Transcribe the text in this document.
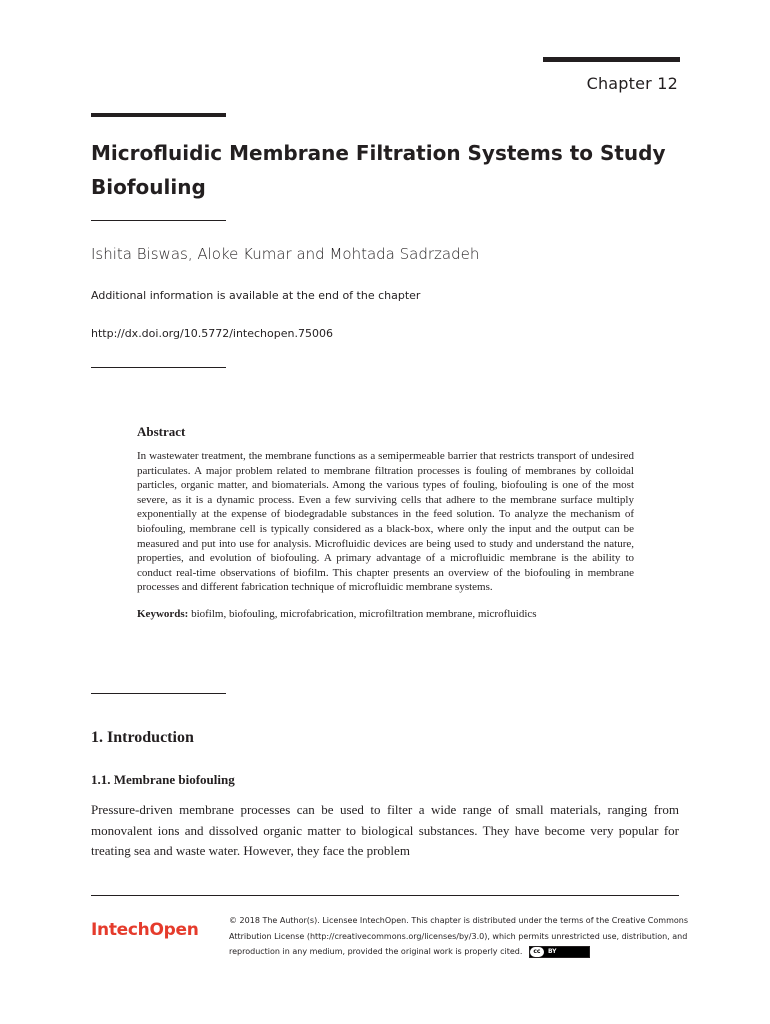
Chapter 12
Microfluidic Membrane Filtration Systems to Study Biofouling
Ishita Biswas, Aloke Kumar and Mohtada Sadrzadeh
Additional information is available at the end of the chapter
http://dx.doi.org/10.5772/intechopen.75006

Abstract

In wastewater treatment, the membrane functions as a semipermeable barrier that restricts transport of undesired particulates. A major problem related to membrane filtration processes is fouling of membranes by colloidal particles, organic matter, and biomaterials. Among the various types of fouling, biofouling is one of the most severe, as it is a dynamic process. Even a few surviving cells that adhere to the membrane surface multiply exponentially at the expense of biodegradable substances in the feed solution. To analyze the mechanism of biofouling, membrane cell is typically considered as a black-box, where only the input and the output can be measured and put into use for analysis. Microfluidic devices are being used to study and understand the nature, properties, and evolution of biofouling. A primary advantage of a microfluidic membrane is the ability to conduct real-time observations of biofilm. This chapter presents an overview of the biofouling in membrane processes and different fabrication technique of microfluidic membrane systems.

Keywords: biofilm, biofouling, microfabrication, microfiltration membrane, microfluidics

1. Introduction
1.1. Membrane biofouling

Pressure-driven membrane processes can be used to filter a wide range of small materials, ranging from monovalent ions and dissolved organic matter to biological substances. They have become very popular for treating sea and waste water. However, they face the problem

IntechOpen	© 2018 The Author(s). Licensee IntechOpen. This chapter is distributed under the terms of the Creative Commons Attribution License (http://creativecommons.org/licenses/by/3.0), which permits unrestricted use, distribution, and reproduction in any medium, provided the original work is properly cited.	cc	BY
